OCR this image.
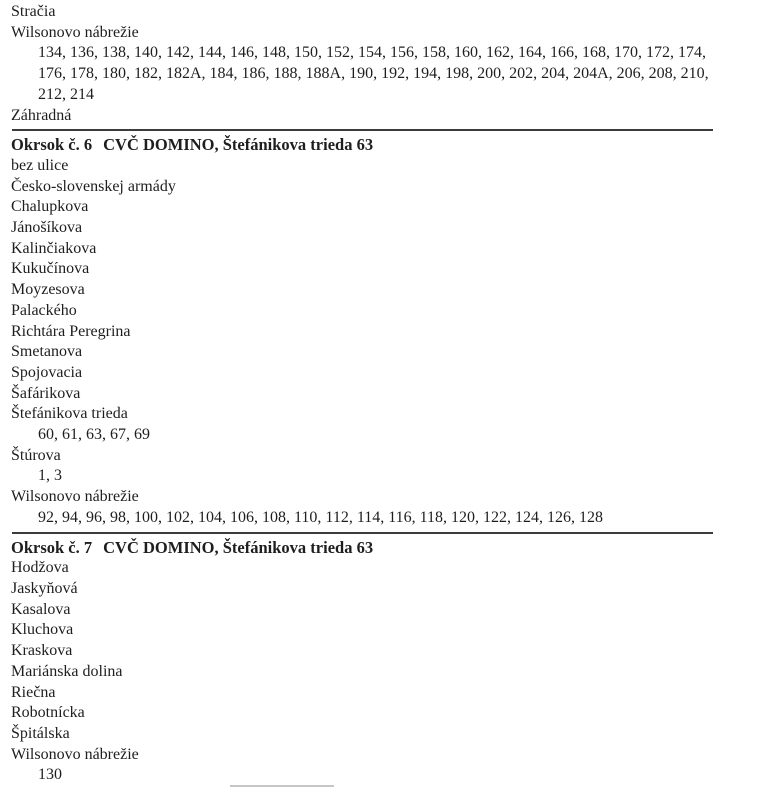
Stračia
Wilsonovo nábrežie
134, 136, 138, 140, 142, 144, 146, 148, 150, 152, 154, 156, 158, 160, 162, 164, 166, 168, 170, 172, 174, 176, 178, 180, 182, 182A, 184, 186, 188, 188A, 190, 192, 194, 198, 200, 202, 204, 204A, 206, 208, 210, 212, 214
Záhradná
Okrsok č. 6 CVČ DOMINO, Štefánikova trieda 63
bez ulice
Česko-slovenskej armády
Chalupkova
Jánošíkova
Kalinčiakova
Kukučínova
Moyzesova
Palackého
Richtára Peregrina
Smetanova
Spojovacia
Šafárikova
Štefánikova trieda
60, 61, 63, 67, 69
Štúrova
1, 3
Wilsonovo nábrežie
92, 94, 96, 98, 100, 102, 104, 106, 108, 110, 112, 114, 116, 118, 120, 122, 124, 126, 128
Okrsok č. 7 CVČ DOMINO, Štefánikova trieda 63
Hodžova
Jaskyňová
Kasalova
Kluchova
Kraskova
Mariánska dolina
Riečna
Robotnícka
Špitálska
Wilsonovo nábrežie
130
